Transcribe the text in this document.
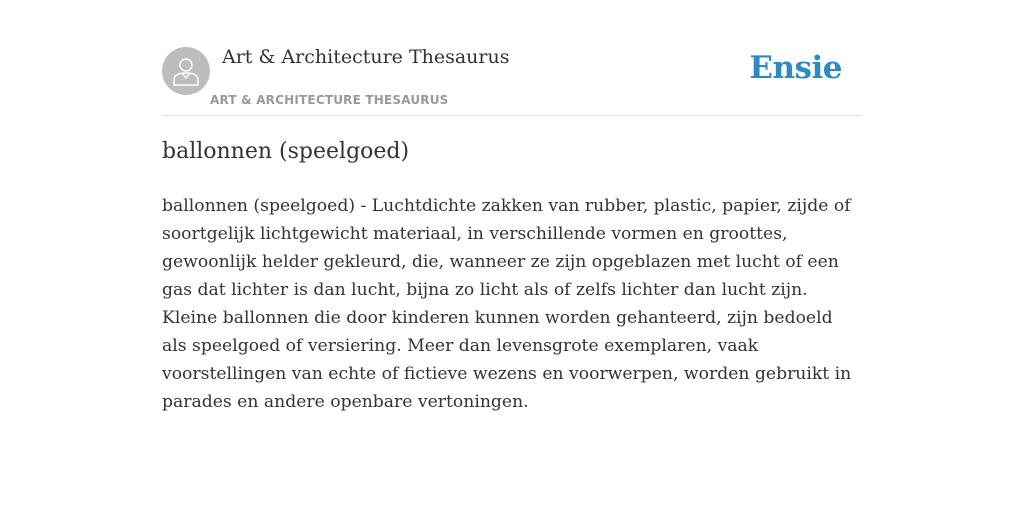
Art & Architecture Thesaurus
ART & ARCHITECTURE THESAURUS
Ensie
ballonnen (speelgoed)

ballonnen (speelgoed) - Luchtdichte zakken van rubber, plastic, papier, zijde of soortgelijk lichtgewicht materiaal, in verschillende vormen en groottes, gewoonlijk helder gekleurd, die, wanneer ze zijn opgeblazen met lucht of een gas dat lichter is dan lucht, bijna zo licht als of zelfs lichter dan lucht zijn. Kleine ballonnen die door kinderen kunnen worden gehanteerd, zijn bedoeld als speelgoed of versiering. Meer dan levensgrote exemplaren, vaak voorstellingen van echte of fictieve wezens en voorwerpen, worden gebruikt in parades en andere openbare vertoningen.
